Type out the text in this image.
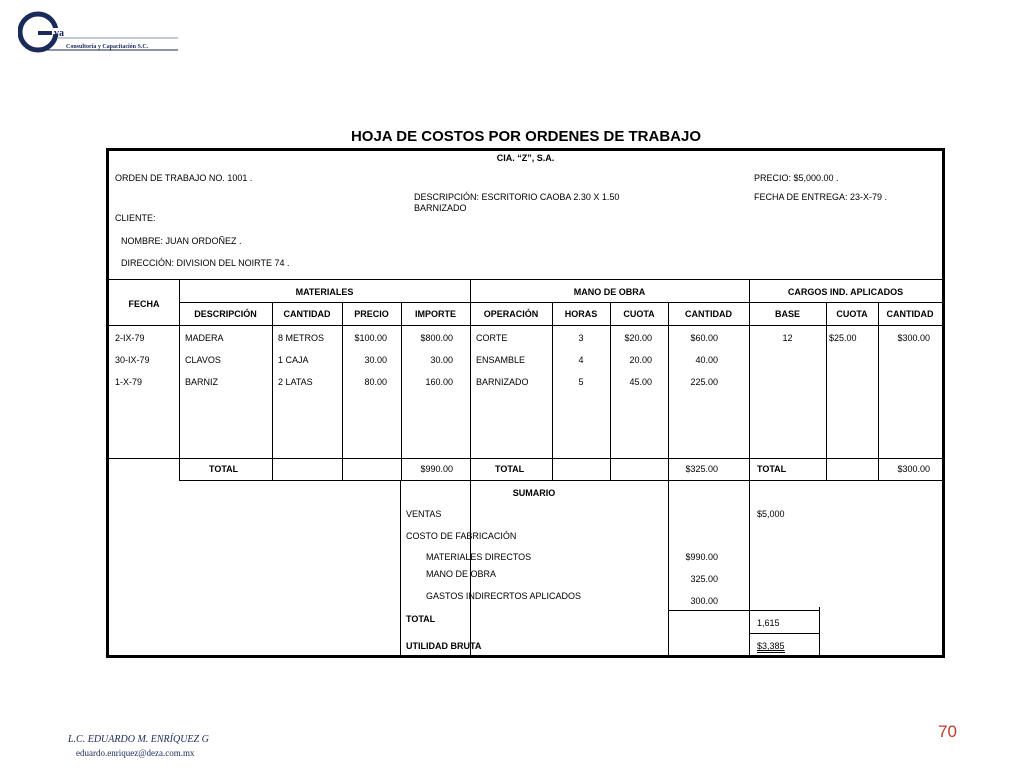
va
Consultoría y Capacitación S.C.
HOJA DE COSTOS POR ORDENES DE TRABAJO
CIA. “Z”, S.A.
ORDEN DE TRABAJO NO. 1001 .	PRECIO: $5,000.00 .
DESCRIPCIÓN: ESCRITORIO CAOBA 2.30 X 1.50
BARNIZADO
FECHA DE ENTREGA: 23-X-79 .
CLIENTE:
NOMBRE: JUAN ORDOÑEZ .
DIRECCIÓN: DIVISION DEL NOIRTE 74 .
FECHA
MATERIALES	MANO DE OBRA	CARGOS IND. APLICADOS
DESCRIPCIÓN	CANTIDAD	PRECIO	IMPORTE	OPERACIÓN	HORAS	CUOTA	CANTIDAD	BASE	CUOTA	CANTIDAD
2-IX-79	MADERA	8 METROS	$100.00	$800.00	CORTE	3	$20.00	$60.00	12	$25.00	$300.00
30-IX-79	CLAVOS	1 CAJA	30.00	30.00	ENSAMBLE	4	20.00	40.00
1-X-79	BARNIZ	2 LATAS	80.00	160.00	BARNIZADO	5	45.00	225.00
TOTAL	$990.00	TOTAL	$325.00	TOTAL	$300.00
SUMARIO
VENTAS	$5,000
COSTO DE FABRICACIÓN
MATERIALES DIRECTOS	$990.00
MANO DE OBRA	325.00
GASTOS INDIRECRTOS APLICADOS	300.00
TOTAL	1,615
UTILIDAD BRUTA	$3,385
L.C. EDUARDO M. ENRÍQUEZ G
eduardo.enriquez@deza.com.mx
70
